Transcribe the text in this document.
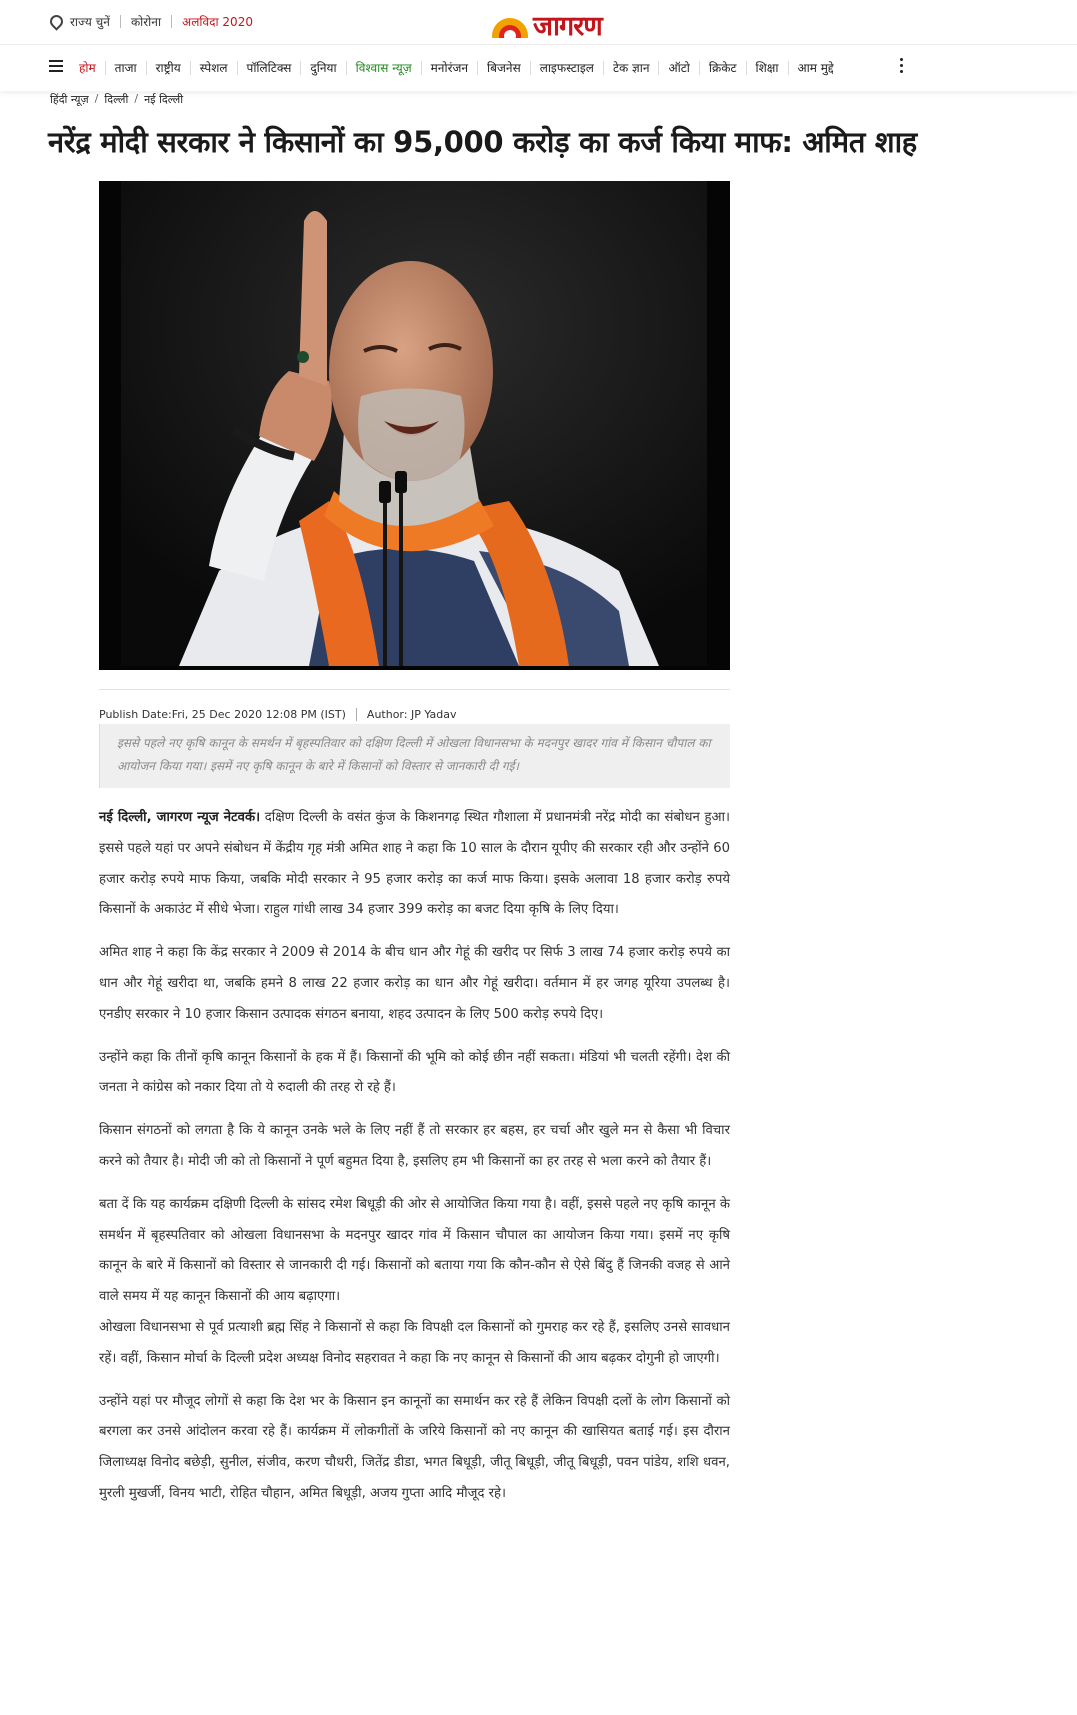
राज्य चुनें कोरोना अलविदा 2020	जागरण
होम	ताजा	राष्ट्रीय	स्पेशल	पॉलिटिक्स	दुनिया	विश्वास न्यूज़	मनोरंजन	बिजनेस	लाइफस्टाइल	टेक ज्ञान	ऑटो	क्रिकेट	शिक्षा	आम मुद्दे
हिंदी न्यूज़ / दिल्ली / नई दिल्ली
नरेंद्र मोदी सरकार ने किसानों का 95,000 करोड़ का कर्ज किया माफ: अमित शाह
Publish Date:Fri, 25 Dec 2020 12:08 PM (IST) Author: JP Yadav
इससे पहले नए कृषि कानून के समर्थन में बृहस्पतिवार को दक्षिण दिल्ली में ओखला विधानसभा के मदनपुर खादर गांव में किसान चौपाल का आयोजन किया गया। इसमें नए कृषि कानून के बारे में किसानों को विस्तार से जानकारी दी गई।

नई दिल्ली, जागरण न्यूज नेटवर्क। दक्षिण दिल्ली के वसंत कुंज के किशनगढ़ स्थित गौशाला में प्रधानमंत्री नरेंद्र मोदी का संबोधन हुआ। इससे पहले यहां पर अपने संबोधन में केंद्रीय गृह मंत्री अमित शाह ने कहा कि 10 साल के दौरान यूपीए की सरकार रही और उन्होंने 60 हजार करोड़ रुपये माफ किया, जबकि मोदी सरकार ने 95 हजार करोड़ का कर्ज माफ किया। इसके अलावा 18 हजार करोड़ रुपये किसानों के अकाउंट में सीधे भेजा। राहुल गांधी लाख 34 हजार 399 करोड़ का बजट दिया कृषि के लिए दिया।

अमित शाह ने कहा कि केंद्र सरकार ने 2009 से 2014 के बीच धान और गेहूं की खरीद पर सिर्फ 3 लाख 74 हजार करोड़ रुपये का धान और गेहूं खरीदा था, जबकि हमने 8 लाख 22 हजार करोड़ का धान और गेहूं खरीदा। वर्तमान में हर जगह यूरिया उपलब्ध है। एनडीए सरकार ने 10 हजार किसान उत्पादक संगठन बनाया, शहद उत्पादन के लिए 500 करोड़ रुपये दिए।

उन्होंने कहा कि तीनों कृषि कानून किसानों के हक में हैं। किसानों की भूमि को कोई छीन नहीं सकता। मंडियां भी चलती रहेंगी। देश की जनता ने कांग्रेस को नकार दिया तो ये रुदाली की तरह रो रहे हैं।

किसान संगठनों को लगता है कि ये कानून उनके भले के लिए नहीं हैं तो सरकार हर बहस, हर चर्चा और खुले मन से कैसा भी विचार करने को तैयार है। मोदी जी को तो किसानों ने पूर्ण बहुमत दिया है, इसलिए हम भी किसानों का हर तरह से भला करने को तैयार हैं।

बता दें कि यह कार्यक्रम दक्षिणी दिल्ली के सांसद रमेश बिधूड़ी की ओर से आयोजित किया गया है। वहीं, इससे पहले नए कृषि कानून के समर्थन में बृहस्पतिवार को ओखला विधानसभा के मदनपुर खादर गांव में किसान चौपाल का आयोजन किया गया। इसमें नए कृषि कानून के बारे में किसानों को विस्तार से जानकारी दी गई। किसानों को बताया गया कि कौन-कौन से ऐसे बिंदु हैं जिनकी वजह से आने वाले समय में यह कानून किसानों की आय बढ़ाएगा।

ओखला विधानसभा से पूर्व प्रत्याशी ब्रह्म सिंह ने किसानों से कहा कि विपक्षी दल किसानों को गुमराह कर रहे हैं, इसलिए उनसे सावधान रहें। वहीं, किसान मोर्चा के दिल्ली प्रदेश अध्यक्ष विनोद सहरावत ने कहा कि नए कानून से किसानों की आय बढ़कर दोगुनी हो जाएगी।

उन्होंने यहां पर मौजूद लोगों से कहा कि देश भर के किसान इन कानूनों का समार्थन कर रहे हैं लेकिन विपक्षी दलों के लोग किसानों को बरगला कर उनसे आंदोलन करवा रहे हैं। कार्यक्रम में लोकगीतों के जरिये किसानों को नए कानून की खासियत बताई गई। इस दौरान जिलाध्यक्ष विनोद बछेड़ी, सुनील, संजीव, करण चौधरी, जितेंद्र डीडा, भगत बिधूड़ी, जीतू बिधूड़ी, जीतू बिधूड़ी, पवन पांडेय, शशि धवन, मुरली मुखर्जी, विनय भाटी, रोहित चौहान, अमित बिधूड़ी, अजय गुप्ता आदि मौजूद रहे।
